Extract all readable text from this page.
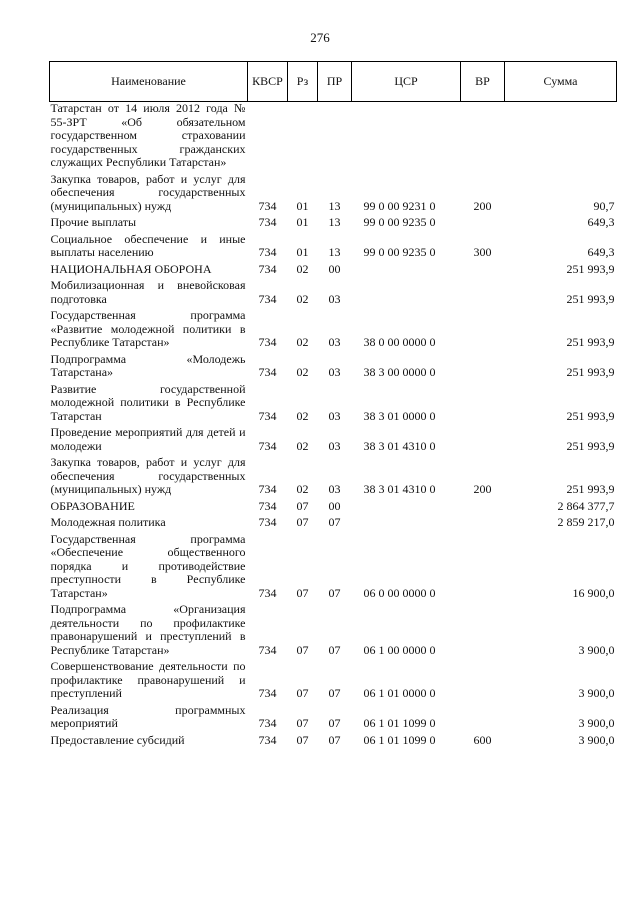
276
Наименование	КВСР	Рз	ПР	ЦСР	ВР	Сумма
Татарстан от 14 июля 2012 года № 55-ЗРТ «Об обязательном государственном страховании государственных гражданских служащих Республики Татарстан»						

Закупка товаров, работ и услуг для обеспечения государственных (муниципальных) нужд	734	01	13	99 0 00 9231 0	200	90,7

Прочие выплаты	734	01	13	99 0 00 9235 0		649,3

Социальное обеспечение и иные выплаты населению	734	01	13	99 0 00 9235 0	300	649,3

НАЦИОНАЛЬНАЯ ОБОРОНА	734	02	00			251 993,9

Мобилизационная и вневойсковая подготовка	734	02	03			251 993,9

Государственная программа «Развитие молодежной политики в Республике Татарстан»	734	02	03	38 0 00 0000 0		251 993,9

Подпрограмма «Молодежь Татарстана»	734	02	03	38 3 00 0000 0		251 993,9

Развитие государственной молодежной политики в Республике Татарстан	734	02	03	38 3 01 0000 0		251 993,9

Проведение мероприятий для детей и молодежи	734	02	03	38 3 01 4310 0		251 993,9

Закупка товаров, работ и услуг для обеспечения государственных (муниципальных) нужд	734	02	03	38 3 01 4310 0	200	251 993,9

ОБРАЗОВАНИЕ	734	07	00			2 864 377,7

Молодежная политика	734	07	07			2 859 217,0

Государственная программа «Обеспечение общественного порядка и противодействие преступности в Республике Татарстан»	734	07	07	06 0 00 0000 0		16 900,0

Подпрограмма «Организация деятельности по профилактике правонарушений и преступлений в Республике Татарстан»	734	07	07	06 1 00 0000 0		3 900,0

Совершенствование деятельности по профилактике правонарушений и преступлений	734	07	07	06 1 01 0000 0		3 900,0

Реализация программных мероприятий	734	07	07	06 1 01 1099 0		3 900,0

Предоставление субсидий	734	07	07	06 1 01 1099 0	600	3 900,0
